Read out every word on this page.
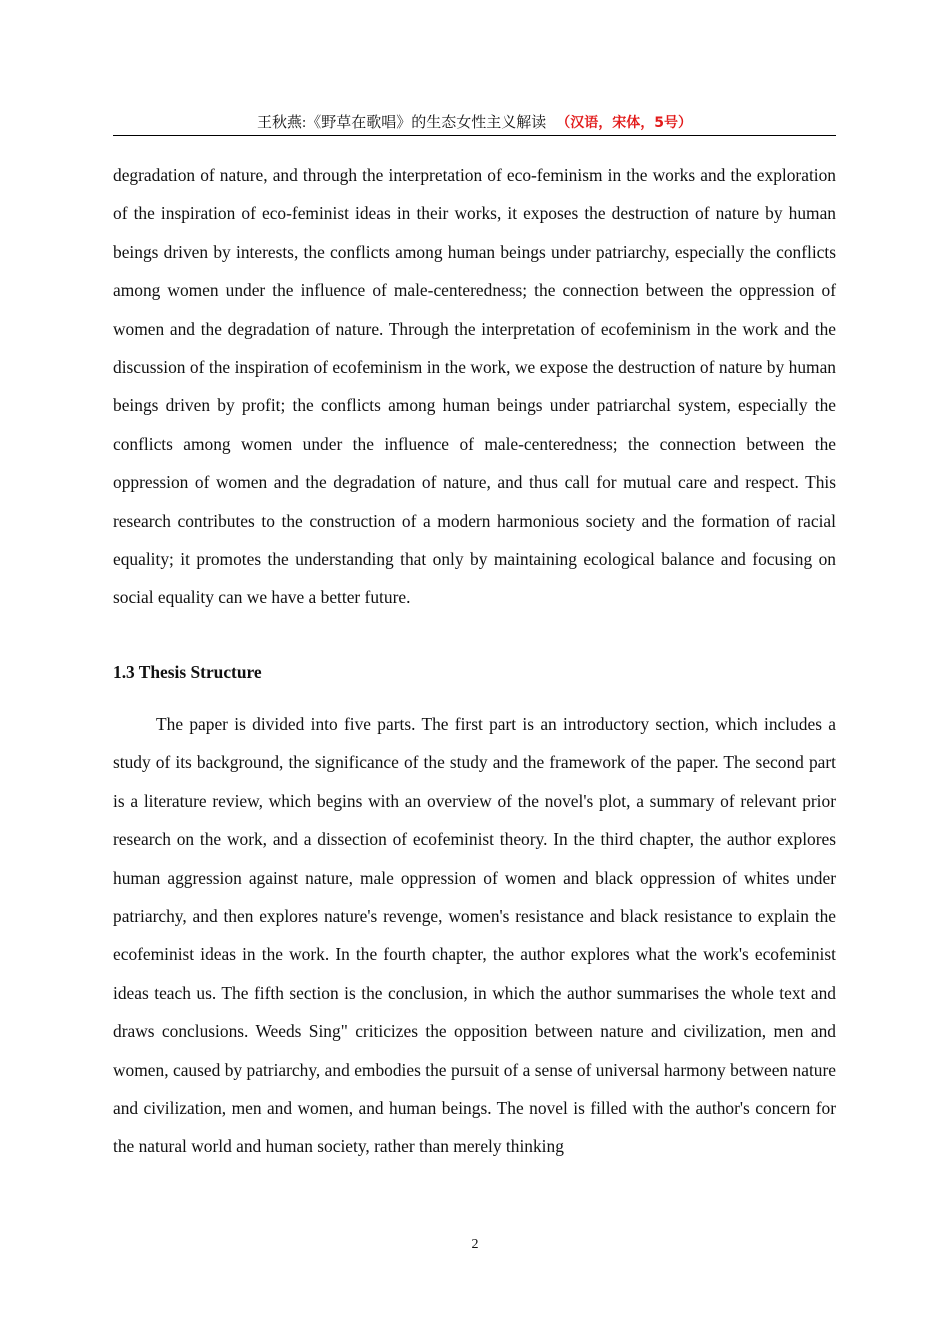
王秋燕:《野草在歌唱》的生态女性主义解读 （汉语，宋体，5号）

degradation of nature, and through the interpretation of eco-feminism in the works and the exploration of the inspiration of eco-feminist ideas in their works, it exposes the destruction of nature by human beings driven by interests, the conflicts among human beings under patriarchy, especially the conflicts among women under the influence of male-centeredness; the connection between the oppression of women and the degradation of nature. Through the interpretation of ecofeminism in the work and the discussion of the inspiration of ecofeminism in the work, we expose the destruction of nature by human beings driven by profit; the conflicts among human beings under patriarchal system, especially the conflicts among women under the influence of male-centeredness; the connection between the oppression of women and the degradation of nature, and thus call for mutual care and respect. This research contributes to the construction of a modern harmonious society and the formation of racial equality; it promotes the understanding that only by maintaining ecological balance and focusing on social equality can we have a better future.

1.3 Thesis Structure

The paper is divided into five parts. The first part is an introductory section, which includes a study of its background, the significance of the study and the framework of the paper. The second part is a literature review, which begins with an overview of the novel's plot, a summary of relevant prior research on the work, and a dissection of ecofeminist theory. In the third chapter, the author explores human aggression against nature, male oppression of women and black oppression of whites under patriarchy, and then explores nature's revenge, women's resistance and black resistance to explain the ecofeminist ideas in the work. In the fourth chapter, the author explores what the work's ecofeminist ideas teach us. The fifth section is the conclusion, in which the author summarises the whole text and draws conclusions. Weeds Sing" criticizes the opposition between nature and civilization, men and women, caused by patriarchy, and embodies the pursuit of a sense of universal harmony between nature and civilization, men and women, and human beings. The novel is filled with the author's concern for the natural world and human society, rather than merely thinking

2
